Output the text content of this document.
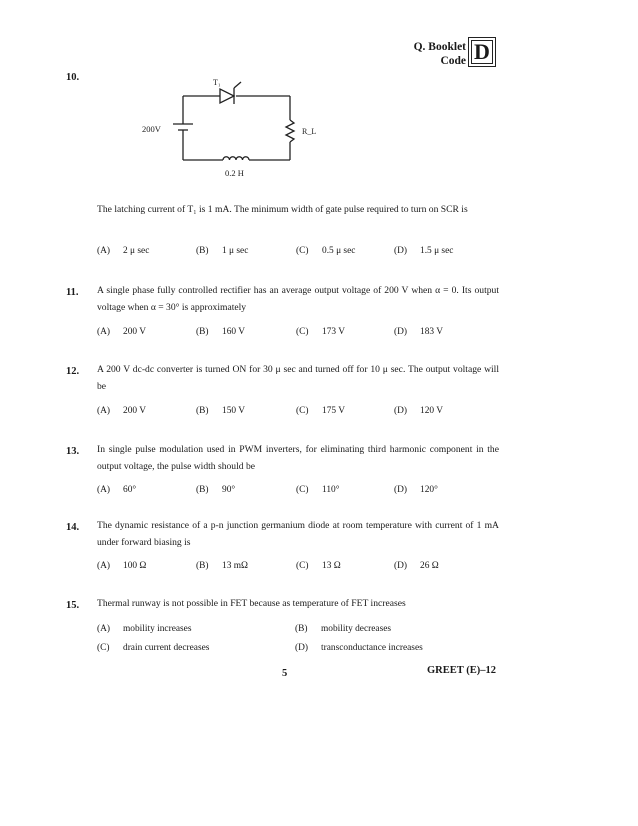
Q. Booklet
Code D
10.	T₁
200V	R_L
0.2 H
The latching current of T₁ is 1 mA. The minimum width of gate pulse required to turn on SCR is
(A) 2 μ sec	(B) 1 μ sec	(C) 0.5 μ sec	(D) 1.5 μ sec
11. A single phase fully controlled rectifier has an average output voltage of 200 V when α = 0. Its output voltage when α = 30° is approximately
(A) 200 V	(B) 160 V	(C) 173 V	(D) 183 V
12. A 200 V dc-dc converter is turned ON for 30 μ sec and turned off for 10 μ sec. The output voltage will be
(A) 200 V	(B) 150 V	(C) 175 V	(D) 120 V
13. In single pulse modulation used in PWM inverters, for eliminating third harmonic component in the output voltage, the pulse width should be
(A) 60°	(B) 90°	(C) 110°	(D) 120°
14. The dynamic resistance of a p-n junction germanium diode at room temperature with current of 1 mA under forward biasing is
(A) 100 Ω	(B) 13 mΩ	(C) 13 Ω	(D) 26 Ω
15. Thermal runway is not possible in FET because as temperature of FET increases
(A) mobility increases	(B) mobility decreases
(C) drain current decreases	(D) transconductance increases
5	GREET (E)–12
